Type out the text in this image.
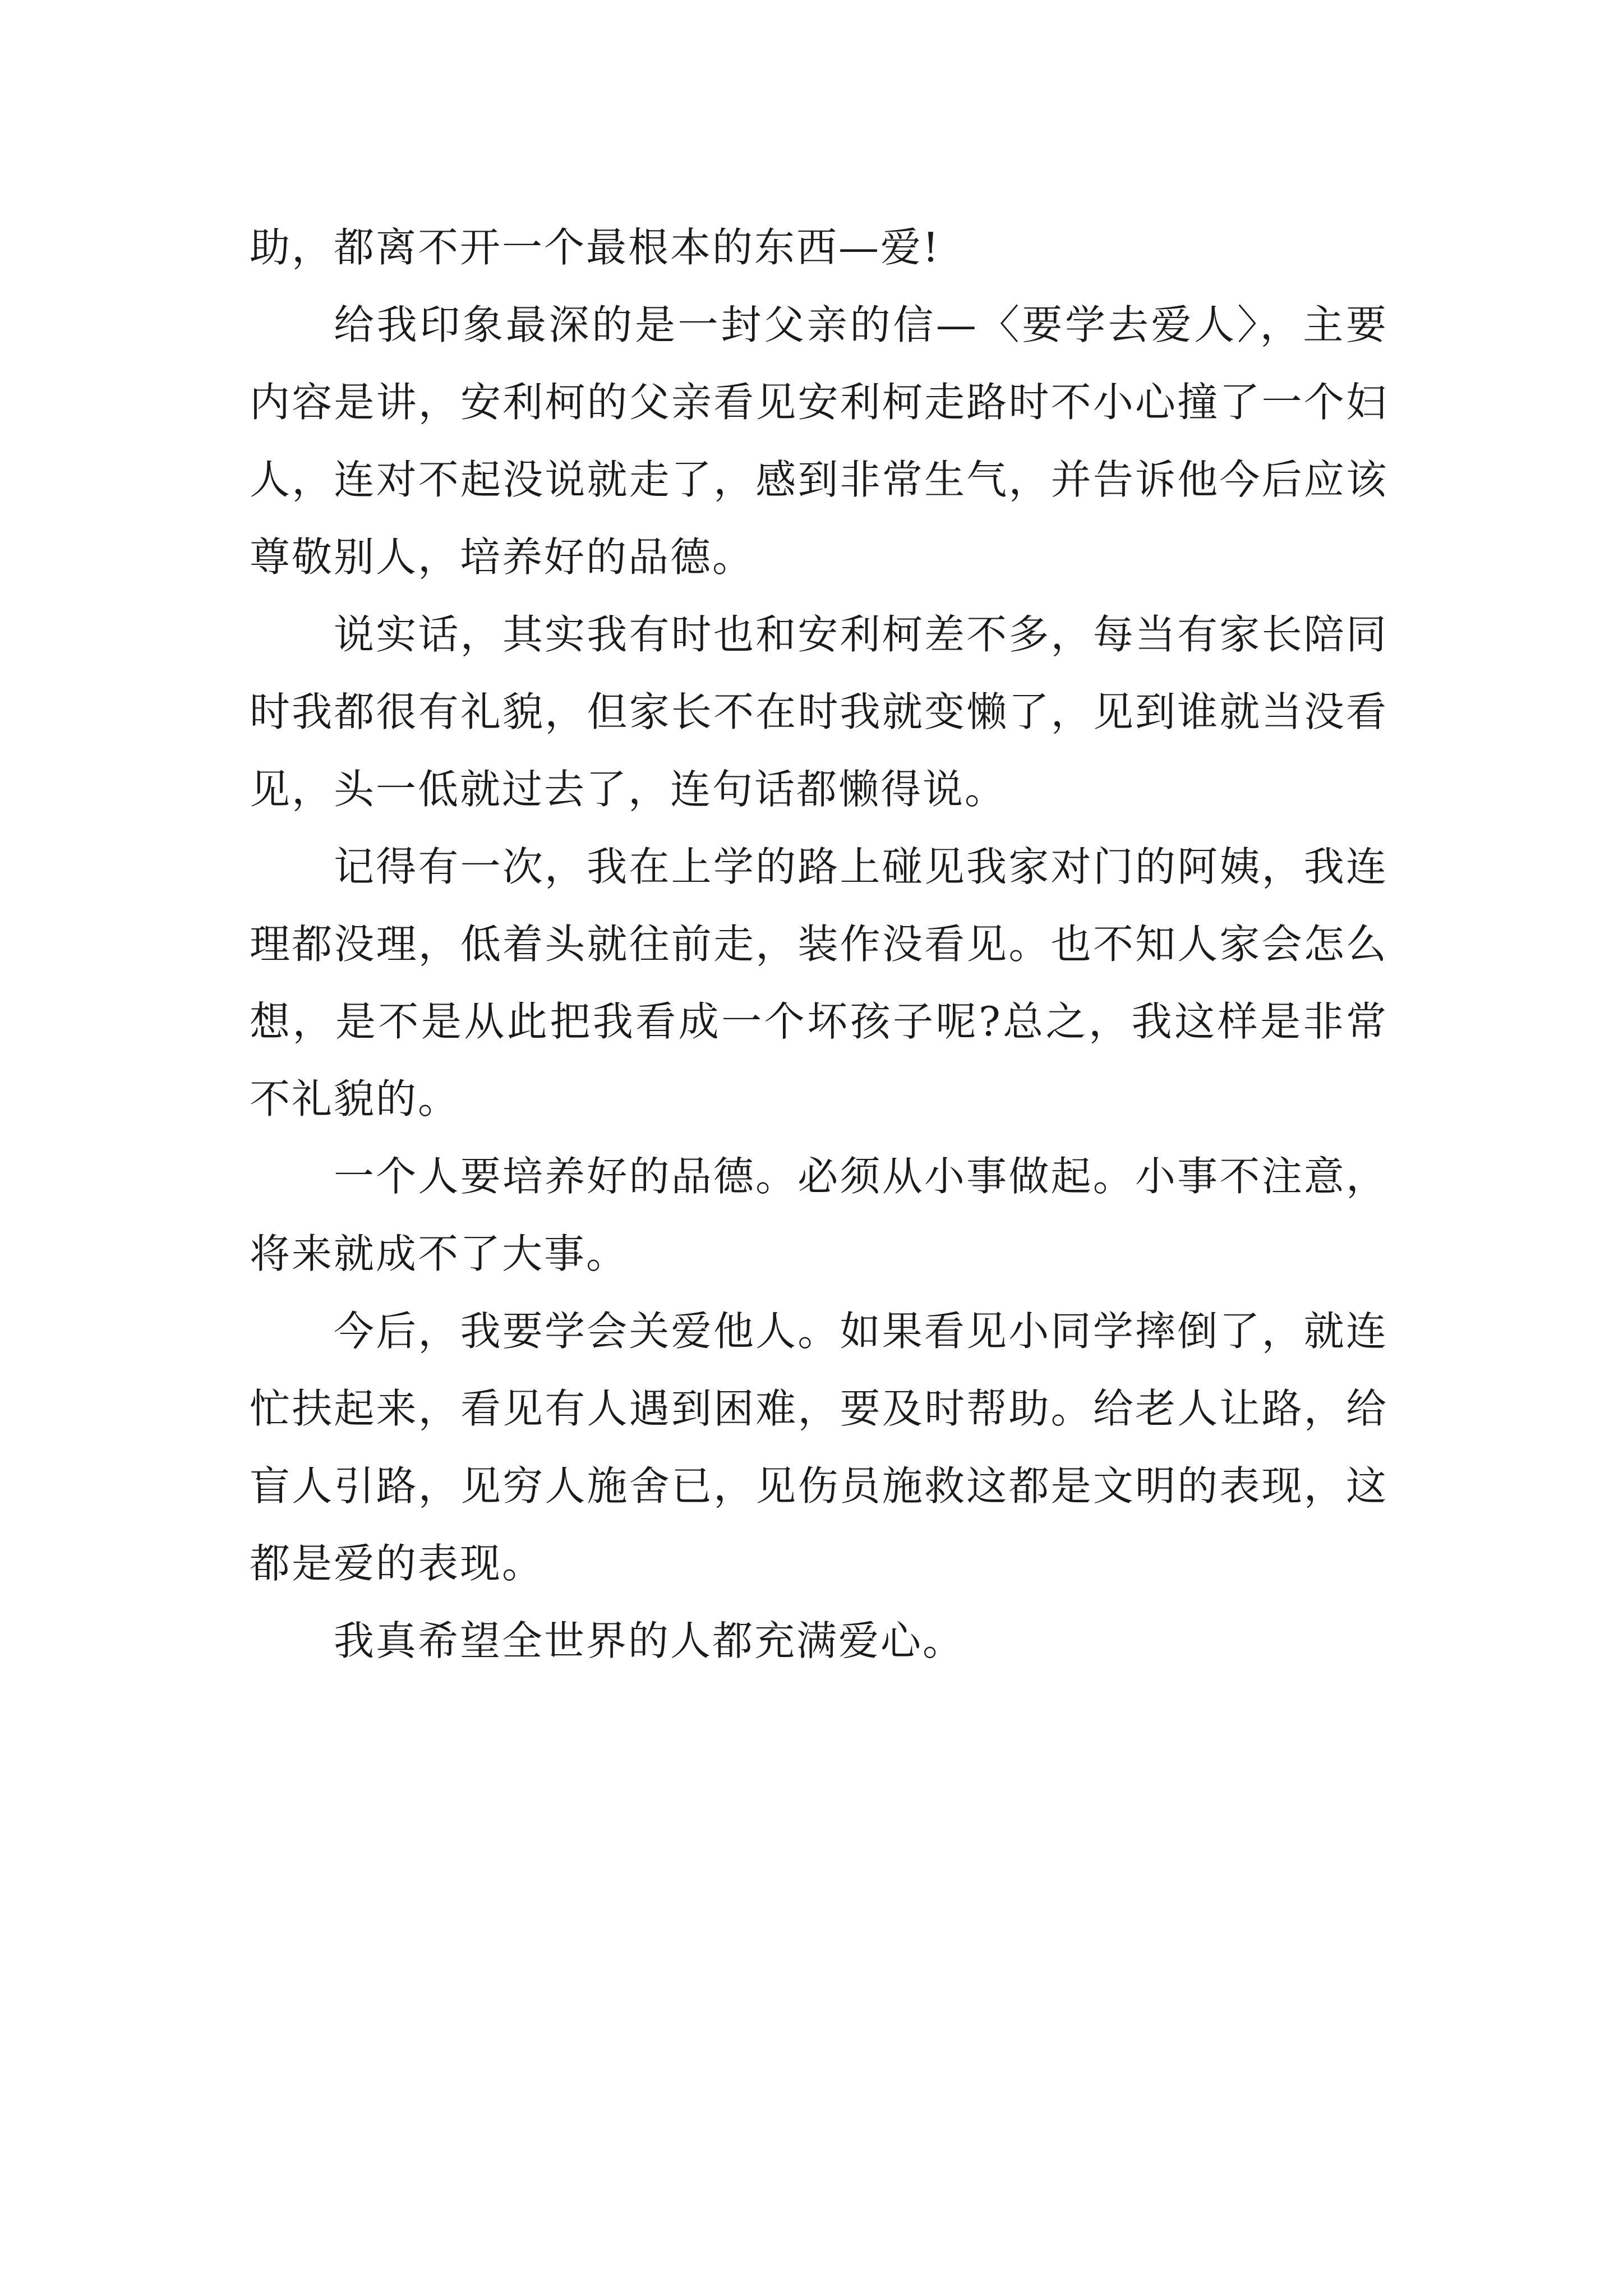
助，都离不开一个最根本的东西—爱!

给我印象最深的是一封父亲的信—〈要学去爱人〉，主要内容是讲，安利柯的父亲看见安利柯走路时不小心撞了一个妇人，连对不起没说就走了，感到非常生气，并告诉他今后应该尊敬别人，培养好的品德。

说实话，其实我有时也和安利柯差不多，每当有家长陪同时我都很有礼貌，但家长不在时我就变懒了，见到谁就当没看见，头一低就过去了，连句话都懒得说。

记得有一次，我在上学的路上碰见我家对门的阿姨，我连理都没理，低着头就往前走，装作没看见。也不知人家会怎么想，是不是从此把我看成一个坏孩子呢?总之，我这样是非常不礼貌的。

一个人要培养好的品德。必须从小事做起。小事不注意，将来就成不了大事。

今后，我要学会关爱他人。如果看见小同学摔倒了，就连忙扶起来，看见有人遇到困难，要及时帮助。给老人让路，给盲人引路，见穷人施舍已，见伤员施救这都是文明的表现，这都是爱的表现。

我真希望全世界的人都充满爱心。
